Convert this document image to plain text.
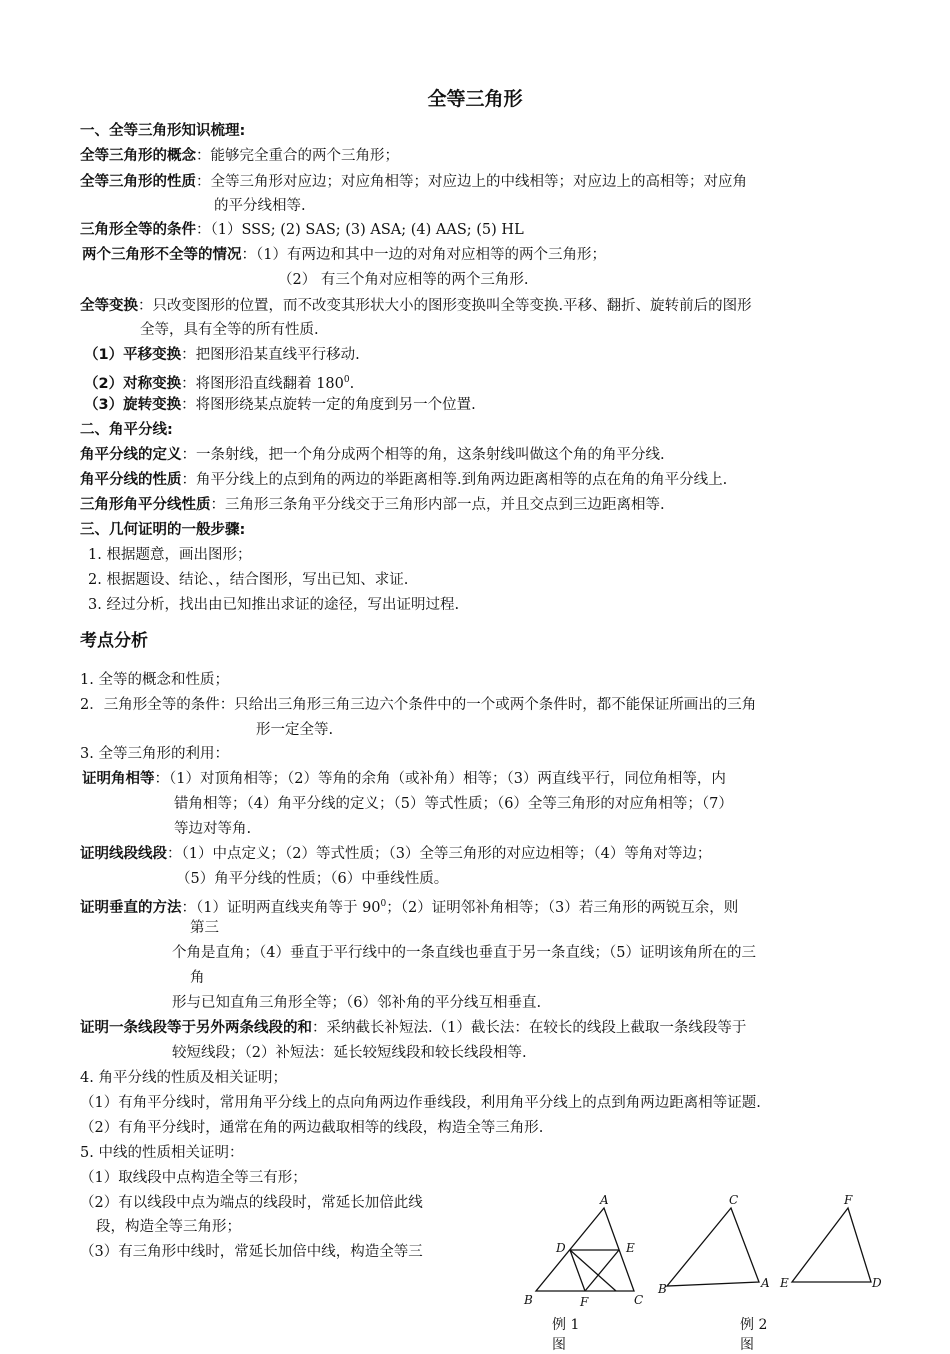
全等三角形
一、全等三角形知识梳理:
全等三角形的概念：能够完全重合的两个三角形；
全等三角形的性质：全等三角形对应边；对应角相等；对应边上的中线相等；对应边上的高相等；对应角
的平分线相等.
三角形全等的条件：（1）SSS; (2) SAS; (3) ASA; (4) AAS; (5) HL
两个三角形不全等的情况：（1）有两边和其中一边的对角对应相等的两个三角形；
（2） 有三个角对应相等的两个三角形.
全等变换：只改变图形的位置，而不改变其形状大小的图形变换叫全等变换.平移、翻折、旋转前后的图形
全等，具有全等的所有性质.
（1）平移变换：把图形沿某直线平行移动.
（2）对称变换：将图形沿直线翻着 $180^0$.
（3）旋转变换：将图形绕某点旋转一定的角度到另一个位置.
二、角平分线:
角平分线的定义：一条射线，把一个角分成两个相等的角，这条射线叫做这个角的角平分线.
角平分线的性质：角平分线上的点到角的两边的举距离相等.到角两边距离相等的点在角的角平分线上.
三角形角平分线性质：三角形三条角平分线交于三角形内部一点，并且交点到三边距离相等.
三、几何证明的一般步骤:
1. 根据题意，画出图形；
2. 根据题设、结论、，结合图形，写出已知、求证.
3. 经过分析，找出由已知推出求证的途径，写出证明过程.
考点分析
1. 全等的概念和性质；
2．三角形全等的条件：只给出三角形三角三边六个条件中的一个或两个条件时，都不能保证所画出的三角
形一定全等.
3. 全等三角形的利用：
证明角相等：（1）对顶角相等；（2）等角的余角（或补角）相等；（3）两直线平行，同位角相等，内
错角相等；（4）角平分线的定义；（5）等式性质；（6）全等三角形的对应角相等；（7）
等边对等角.
证明线段线段：（1）中点定义；（2）等式性质；（3）全等三角形的对应边相等；（4）等角对等边；
（5）角平分线的性质；（6）中垂线性质。
证明垂直的方法：（1）证明两直线夹角等于 $90^0$；（2）证明邻补角相等；（3）若三角形的两锐互余，则
第三
个角是直角；（4）垂直于平行线中的一条直线也垂直于另一条直线；（5）证明该角所在的三
角
形与已知直角三角形全等；（6）邻补角的平分线互相垂直.
证明一条线段等于另外两条线段的和：采纳截长补短法.（1）截长法：在较长的线段上截取一条线段等于
较短线段；（2）补短法：延长较短线段和较长线段相等.
4. 角平分线的性质及相关证明；
（1）有角平分线时，常用角平分线上的点向角两边作垂线段，利用角平分线上的点到角两边距离相等证题.
（2）有角平分线时，通常在角的两边截取相等的线段，构造全等三角形.
5. 中线的性质相关证明：
（1）取线段中点构造全等三有形；
（2）有以线段中点为端点的线段时，常延长加倍此线
段，构造全等三角形；
（3）有三角形中线时，常延长加倍中线，构造全等三
A
B	C
D	E
F
例 1
图
C
B	A
例 2
图
F
E	D
